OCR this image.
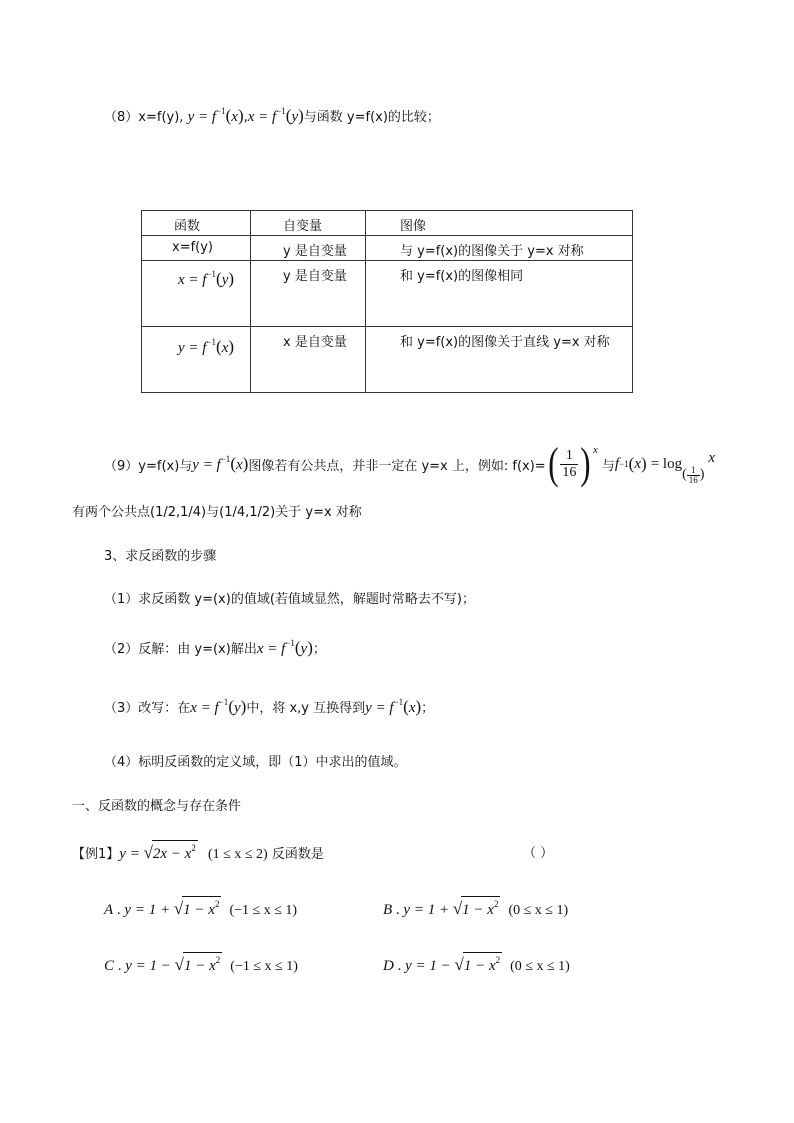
（8）x=f(y), $y = f^{-1}(x),x = f^{-1}(y)$与函数 y=f(x)的比较；
函数	自变量	图像

x=f(y)	y 是自变量	与 y=f(x)的图像关于 y=x 对称

$x = f^{-1}(y)$	y 是自变量	和 y=f(x)的图像相同

$y = f^{-1}(x)$	x 是自变量	和 y=f(x)的图像关于直线 y=x 对称
（9） y=f(x)与 $y = f^{-1}(x)$ 图像若有公共点，并非一定在 y=x 上，例如: f(x)= ( $\frac{1}{16}$ ) x
与 f −1 ( x ) = log
( $\frac{1}{16}$ )
x
有两个公共点(1/2,1/4)与(1/4,1/2)关于 y=x 对称
3、求反函数的步骤
（1）求反函数 y=(x)的值域(若值域显然，解题时常略去不写)；
（2）反解：由 y=(x)解出$x = f^{-1}(y)$；
（3）改写：在$x = f^{-1}(y)$中，将 x,y 互换得到$y = f^{-1}(x)$；
（4）标明反函数的定义域，即（1）中求出的值域。
一、反函数的概念与存在条件
【例1】$y = √2x - x^2$ (1 ≤ x ≤ 2) 反函数是	（ ）
A . $y = 1 + √1 - x^2$ (−1 ≤ x ≤ 1)	B . $y = 1 + √1 - x^2$ (0 ≤ x ≤ 1)
C . $y = 1 - √1 - x^2$ (−1 ≤ x ≤ 1)	D . $y = 1 - √1 - x^2$ (0 ≤ x ≤ 1)
